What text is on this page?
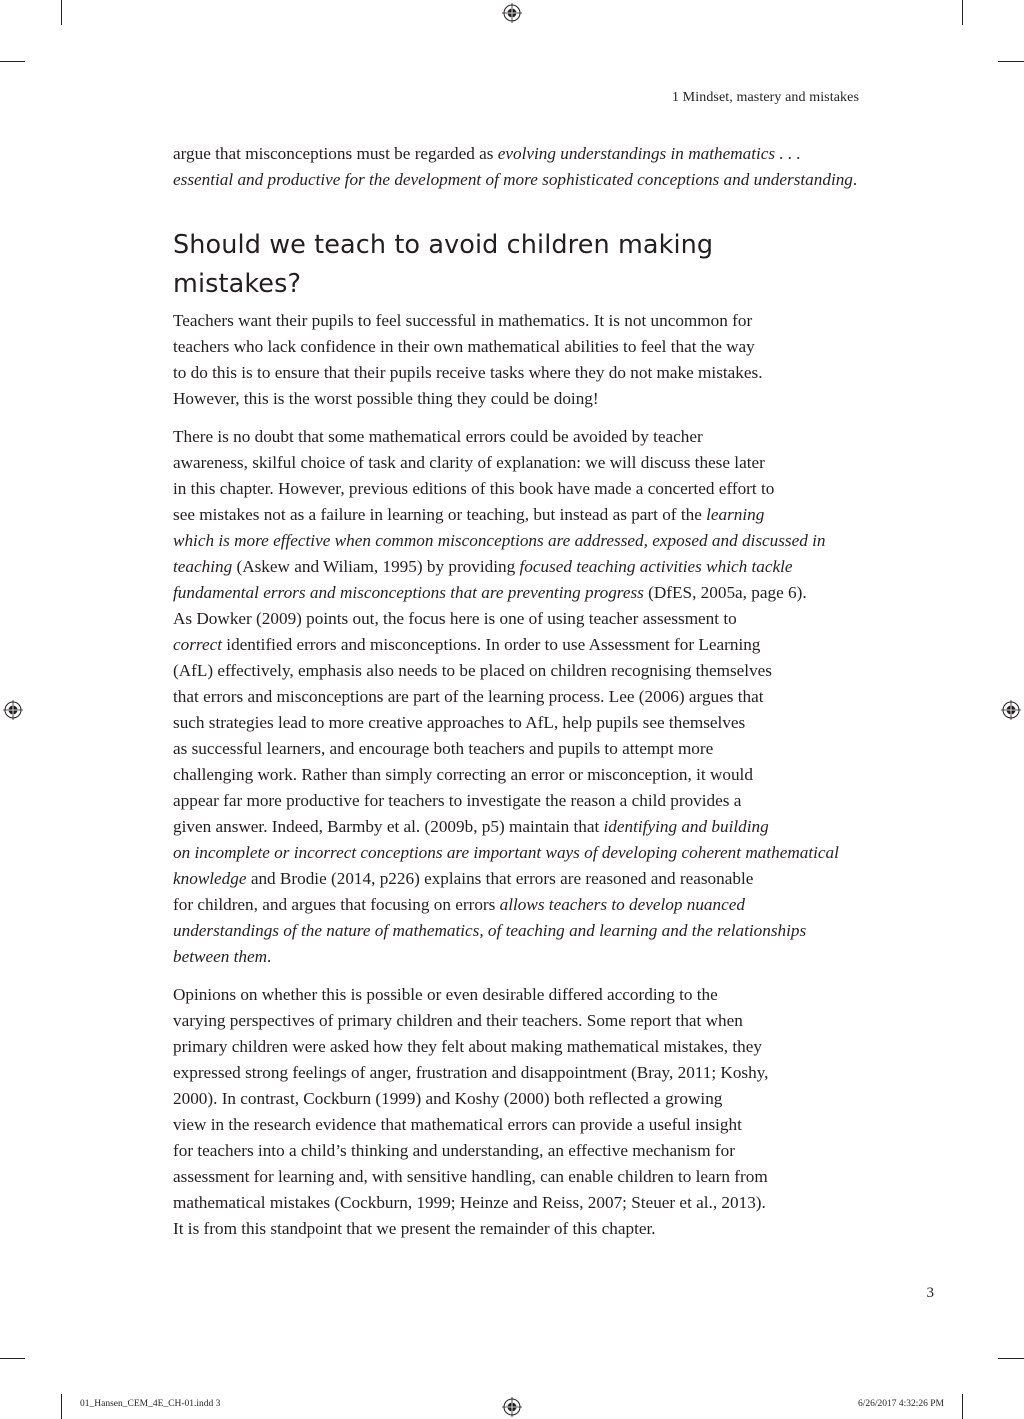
1 Mindset, mastery and mistakes
argue that misconceptions must be regarded as evolving understandings in mathematics . . .
essential and productive for the development of more sophisticated conceptions and understanding.
Should we teach to avoid children making
mistakes?
Teachers want their pupils to feel successful in mathematics. It is not uncommon for
teachers who lack confidence in their own mathematical abilities to feel that the way
to do this is to ensure that their pupils receive tasks where they do not make mistakes.
However, this is the worst possible thing they could be doing!
There is no doubt that some mathematical errors could be avoided by teacher
awareness, skilful choice of task and clarity of explanation: we will discuss these later
in this chapter. However, previous editions of this book have made a concerted effort to
see mistakes not as a failure in learning or teaching, but instead as part of the learning
which is more effective when common misconceptions are addressed, exposed and discussed in
teaching (Askew and Wiliam, 1995) by providing focused teaching activities which tackle
fundamental errors and misconceptions that are preventing progress (DfES, 2005a, page 6).
As Dowker (2009) points out, the focus here is one of using teacher assessment to
correct identified errors and misconceptions. In order to use Assessment for Learning
(AfL) effectively, emphasis also needs to be placed on children recognising themselves
that errors and misconceptions are part of the learning process. Lee (2006) argues that
such strategies lead to more creative approaches to AfL, help pupils see themselves
as successful learners, and encourage both teachers and pupils to attempt more
challenging work. Rather than simply correcting an error or misconception, it would
appear far more productive for teachers to investigate the reason a child provides a
given answer. Indeed, Barmby et al. (2009b, p5) maintain that identifying and building
on incomplete or incorrect conceptions are important ways of developing coherent mathematical
knowledge and Brodie (2014, p226) explains that errors are reasoned and reasonable
for children, and argues that focusing on errors allows teachers to develop nuanced
understandings of the nature of mathematics, of teaching and learning and the relationships
between them.
Opinions on whether this is possible or even desirable differed according to the
varying perspectives of primary children and their teachers. Some report that when
primary children were asked how they felt about making mathematical mistakes, they
expressed strong feelings of anger, frustration and disappointment (Bray, 2011; Koshy,
2000). In contrast, Cockburn (1999) and Koshy (2000) both reflected a growing
view in the research evidence that mathematical errors can provide a useful insight
for teachers into a child’s thinking and understanding, an effective mechanism for
assessment for learning and, with sensitive handling, can enable children to learn from
mathematical mistakes (Cockburn, 1999; Heinze and Reiss, 2007; Steuer et al., 2013).
It is from this standpoint that we present the remainder of this chapter.
3
01_Hansen_CEM_4E_CH-01.indd 3	6/26/2017 4:32:26 PM
